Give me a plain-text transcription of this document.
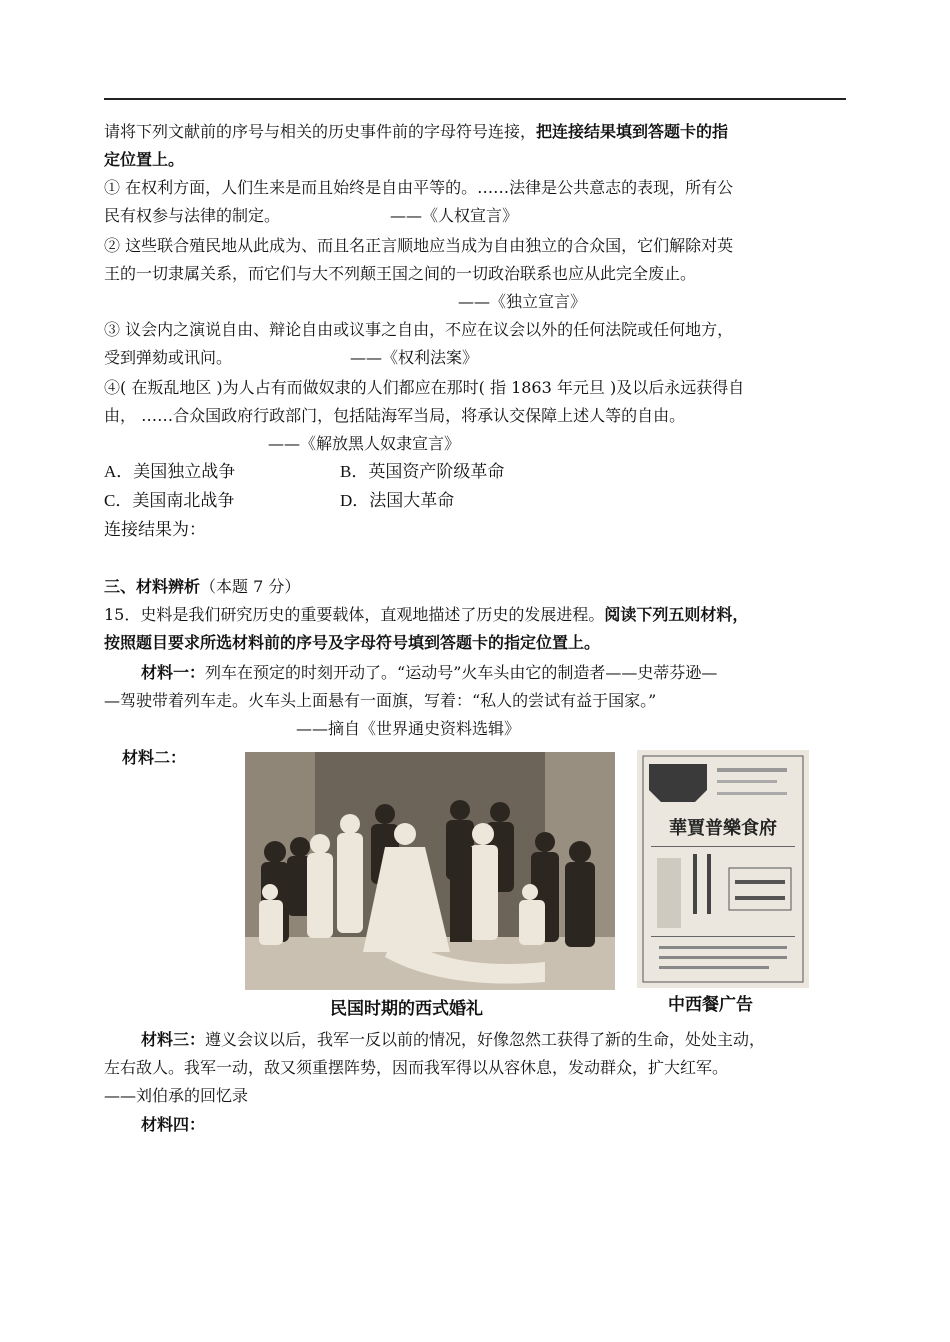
请将下列文献前的序号与相关的历史事件前的字母符号连接，把连接结果填到答题卡的指
定位置上。
① 在权利方面，人们生来是而且始终是自由平等的。……法律是公共意志的表现，所有公
民有权参与法律的制定。	——《人权宣言》
② 这些联合殖民地从此成为、而且名正言顺地应当成为自由独立的合众国，它们解除对英
王的一切隶属关系，而它们与大不列颠王国之间的一切政治联系也应从此完全废止。
——《独立宣言》
③ 议会内之演说自由、辩论自由或议事之自由，不应在议会以外的任何法院或任何地方，
受到弹劾或讯问。	——《权利法案》
④( 在叛乱地区 )为人占有而做奴隶的人们都应在那时( 指 1863 年元旦 )及以后永远获得自
由， ……合众国政府行政部门，包括陆海军当局，将承认交保障上述人等的自由。
——《解放黑人奴隶宣言》
A．美国独立战争	B．英国资产阶级革命
C．美国南北战争	D．法国大革命
连接结果为：
三、材料辨析（本题 7 分）
15．史料是我们研究历史的重要载体，直观地描述了历史的发展进程。阅读下列五则材料，
按照题目要求所选材料前的序号及字母符号填到答题卡的指定位置上。
材料一：列车在预定的时刻开动了。“运动号”火车头由它的制造者——史蒂芬逊—
—驾驶带着列车走。火车头上面悬有一面旗，写着：“私人的尝试有益于国家。”
——摘自《世界通史资料选辑》
材料二：
華賈普樂食府
民国时期的西式婚礼	中西餐广告
材料三：遵义会议以后，我军一反以前的情况，好像忽然工获得了新的生命，处处主动，
左右敌人。我军一动，敌又须重摆阵势，因而我军得以从容休息，发动群众，扩大红军。
——刘伯承的回忆录
材料四：
